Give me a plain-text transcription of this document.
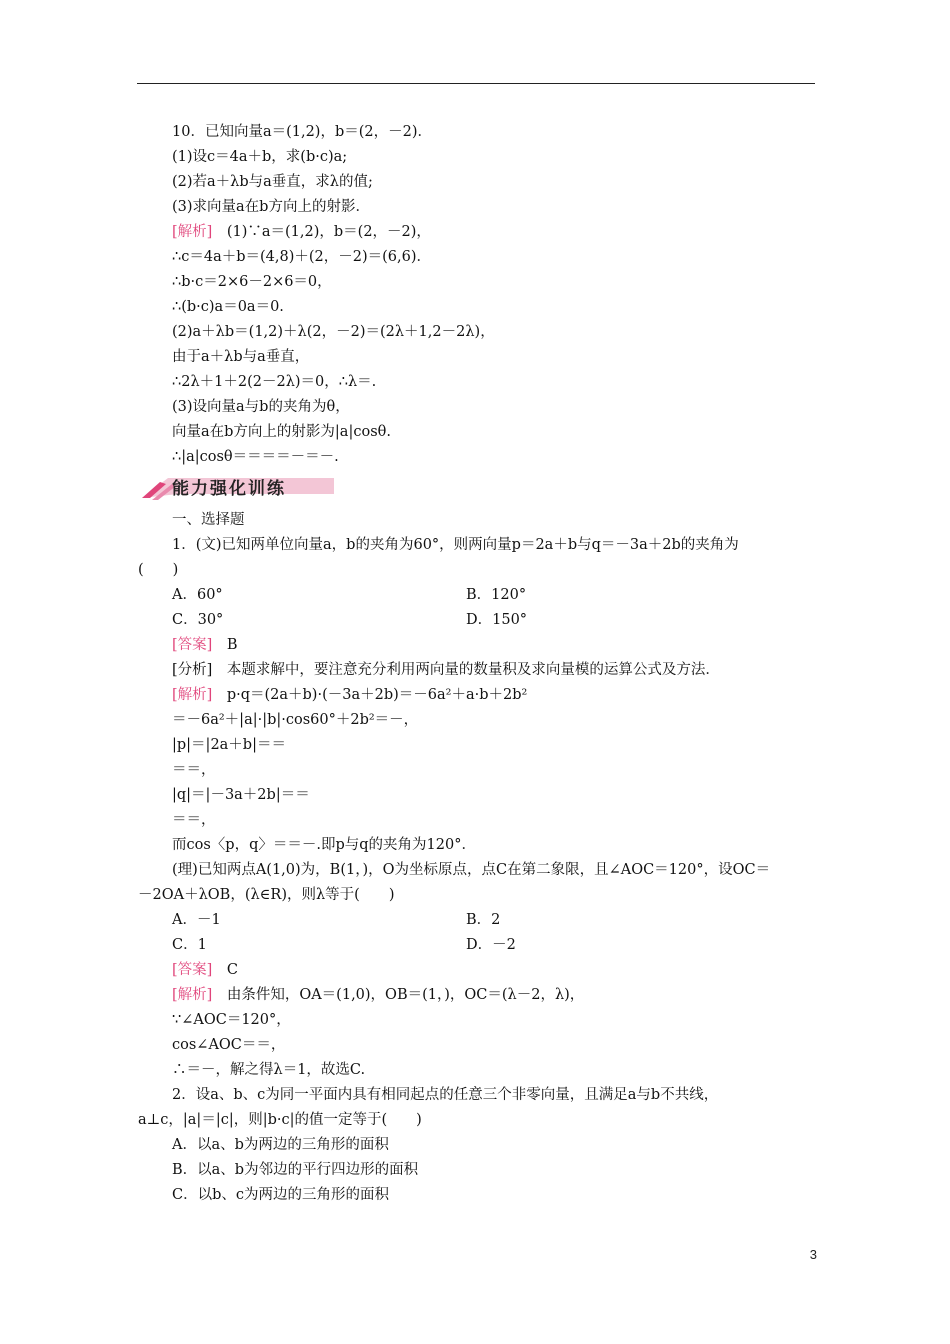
10．已知向量a＝(1,2)，b＝(2，－2)．
(1)设c＝4a＋b，求(b·c)a;
(2)若a＋λb与a垂直，求λ的值;
(3)求向量a在b方向上的射影．
[解析]　 (1)∵a＝(1,2)，b＝(2，－2)，
∴c＝4a＋b＝(4,8)＋(2，－2)＝(6,6)．
∴b·c＝2×6－2×6＝0，
∴(b·c)a＝0a＝0.
(2)a＋λb＝(1,2)＋λ(2，－2)＝(2λ＋1,2－2λ)，
由于a＋λb与a垂直，
∴2λ＋1＋2(2－2λ)＝0，∴λ＝.
(3)设向量a与b的夹角为θ，
向量a在b方向上的射影为|a|cosθ.
∴|a|cosθ＝＝＝＝－＝－.
能力强化训练
一、选择题
1．(文)已知两单位向量a，b的夹角为60°，则两向量p＝2a＋b与q＝－3a＋2b的夹角为
(　　)
A．60°	B．120°
C．30°	D．150°
[答案]　 B
[分析]　 本题求解中，要注意充分利用两向量的数量积及求向量模的运算公式及方法．
[解析]　 p·q＝(2a＋b)·(－3a＋2b)＝－6a²＋a·b＋2b²
＝－6a²＋|a|·|b|·cos60°＋2b²＝－，
|p|＝|2a＋b|＝＝
＝＝，
|q|＝|－3a＋2b|＝＝
＝＝，
而cos〈p，q〉＝＝－.即p与q的夹角为120°．
(理)已知两点A(1,0)为，B(1，)，O为坐标原点，点C在第二象限，且∠AOC＝120°，设OC＝
－2OA＋λOB，(λ∈R)，则λ等于(　　)
A．－1	B．2
C．1	D．－2
[答案]　 C
[解析]　 由条件知，OA＝(1,0)，OB＝(1，)，OC＝(λ－2，λ)，
∵∠AOC＝120°，
cos∠AOC＝＝，
∴＝－，解之得λ＝1，故选C.
2．设a、b、c为同一平面内具有相同起点的任意三个非零向量，且满足a与b不共线，
a⊥c，|a|＝|c|，则|b·c|的值一定等于(　　)
A．以a、b为两边的三角形的面积
B．以a、b为邻边的平行四边形的面积
C．以b、c为两边的三角形的面积
3
